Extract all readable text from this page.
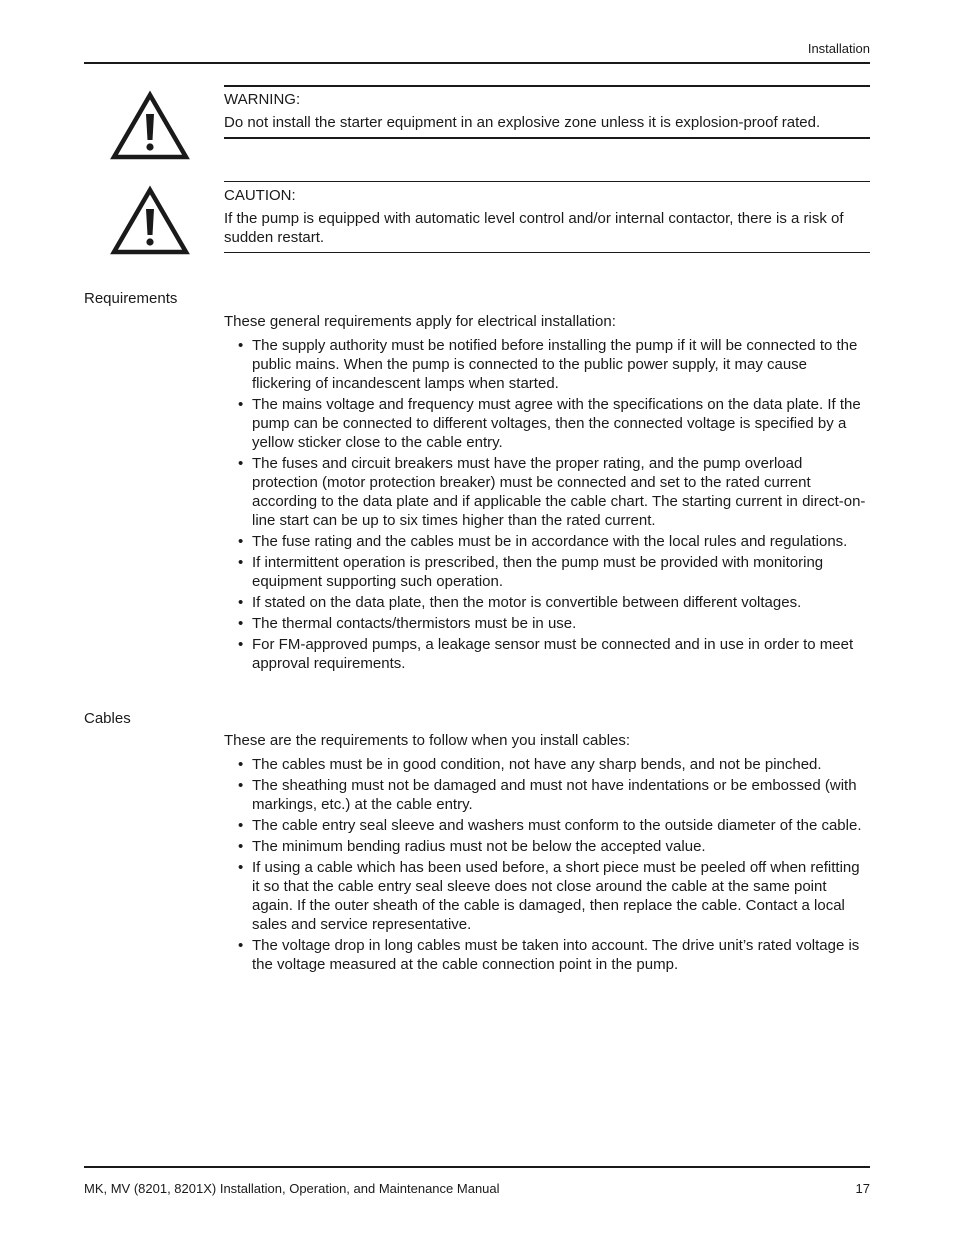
Installation
WARNING:
Do not install the starter equipment in an explosive zone unless it is explosion-proof rated.
CAUTION:
If the pump is equipped with automatic level control and/or internal contactor, there is a risk of sudden restart.
Requirements
These general requirements apply for electrical installation:
• The supply authority must be notified before installing the pump if it will be connected to the public mains. When the pump is connected to the public power supply, it may cause flickering of incandescent lamps when started.
• The mains voltage and frequency must agree with the specifications on the data plate. If the pump can be connected to different voltages, then the connected voltage is specified by a yellow sticker close to the cable entry.
• The fuses and circuit breakers must have the proper rating, and the pump overload protection (motor protection breaker) must be connected and set to the rated current according to the data plate and if applicable the cable chart. The starting current in direct-on-line start can be up to six times higher than the rated current.
• The fuse rating and the cables must be in accordance with the local rules and regulations.
• If intermittent operation is prescribed, then the pump must be provided with monitoring equipment supporting such operation.
• If stated on the data plate, then the motor is convertible between different voltages.
• The thermal contacts/thermistors must be in use.
• For FM-approved pumps, a leakage sensor must be connected and in use in order to meet approval requirements.
Cables
These are the requirements to follow when you install cables:
• The cables must be in good condition, not have any sharp bends, and not be pinched.
• The sheathing must not be damaged and must not have indentations or be embossed (with markings, etc.) at the cable entry.
• The cable entry seal sleeve and washers must conform to the outside diameter of the cable.
• The minimum bending radius must not be below the accepted value.
• If using a cable which has been used before, a short piece must be peeled off when refitting it so that the cable entry seal sleeve does not close around the cable at the same point again. If the outer sheath of the cable is damaged, then replace the cable. Contact a local sales and service representative.
• The voltage drop in long cables must be taken into account. The drive unit’s rated voltage is the voltage measured at the cable connection point in the pump.
MK, MV (8201, 8201X) Installation, Operation, and Maintenance Manual	17
